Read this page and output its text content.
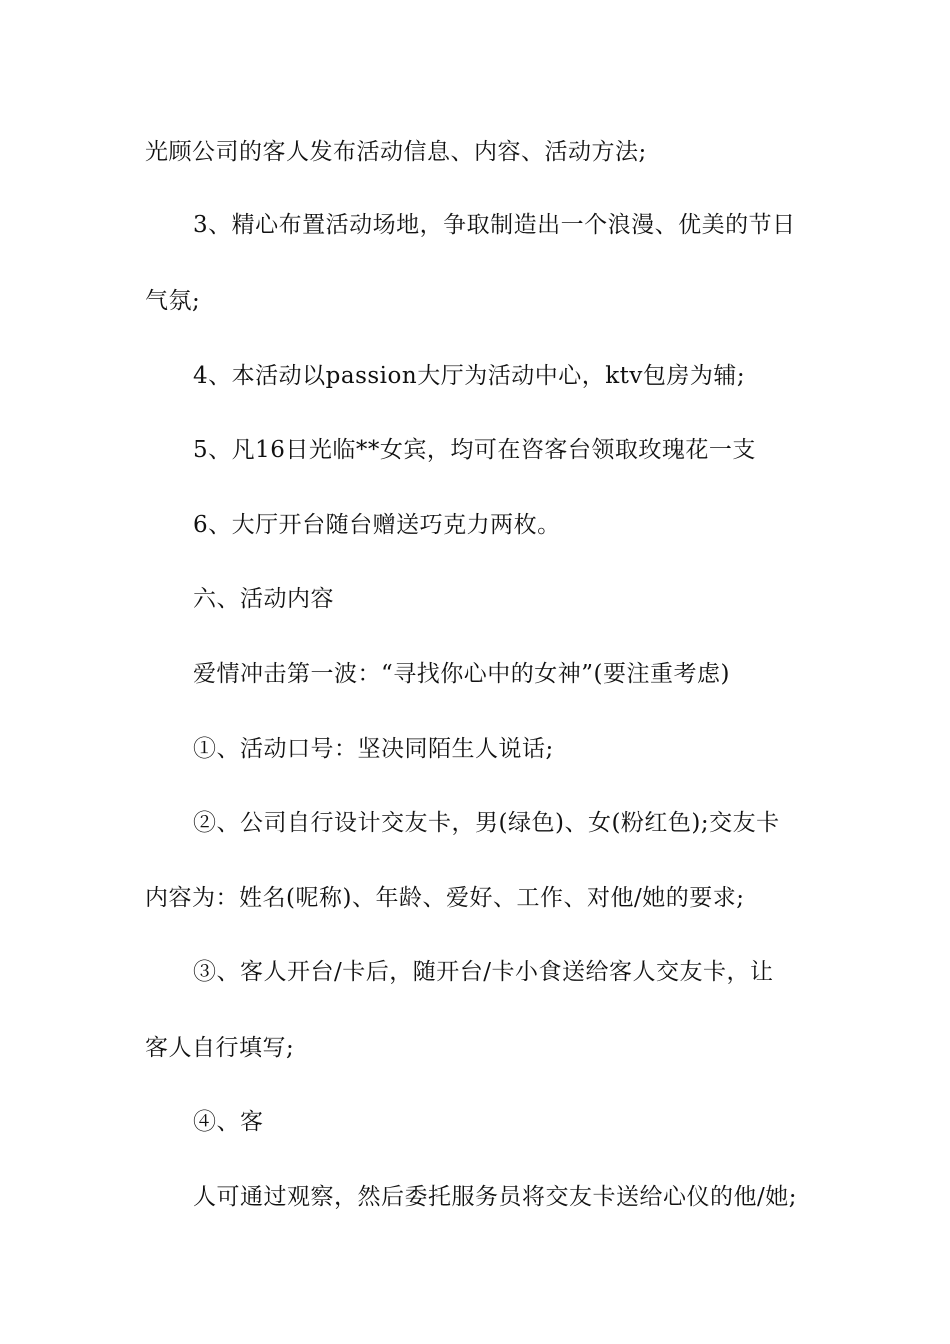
光顾公司的客人发布活动信息、内容、活动方法;
3、精心布置活动场地，争取制造出一个浪漫、优美的节日
气氛;
4、本活动以passion大厅为活动中心，ktv包房为辅;
5、凡16日光临**女宾，均可在咨客台领取玫瑰花一支
6、大厅开台随台赠送巧克力两枚。
六、活动内容
爱情冲击第一波：“寻找你心中的女神”(要注重考虑)
①、活动口号：坚决同陌生人说话;
②、公司自行设计交友卡，男(绿色)、女(粉红色);交友卡
内容为：姓名(呢称)、年龄、爱好、工作、对他/她的要求;
③、客人开台/卡后，随开台/卡小食送给客人交友卡，让
客人自行填写;
④、客
人可通过观察，然后委托服务员将交友卡送给心仪的他/她;
